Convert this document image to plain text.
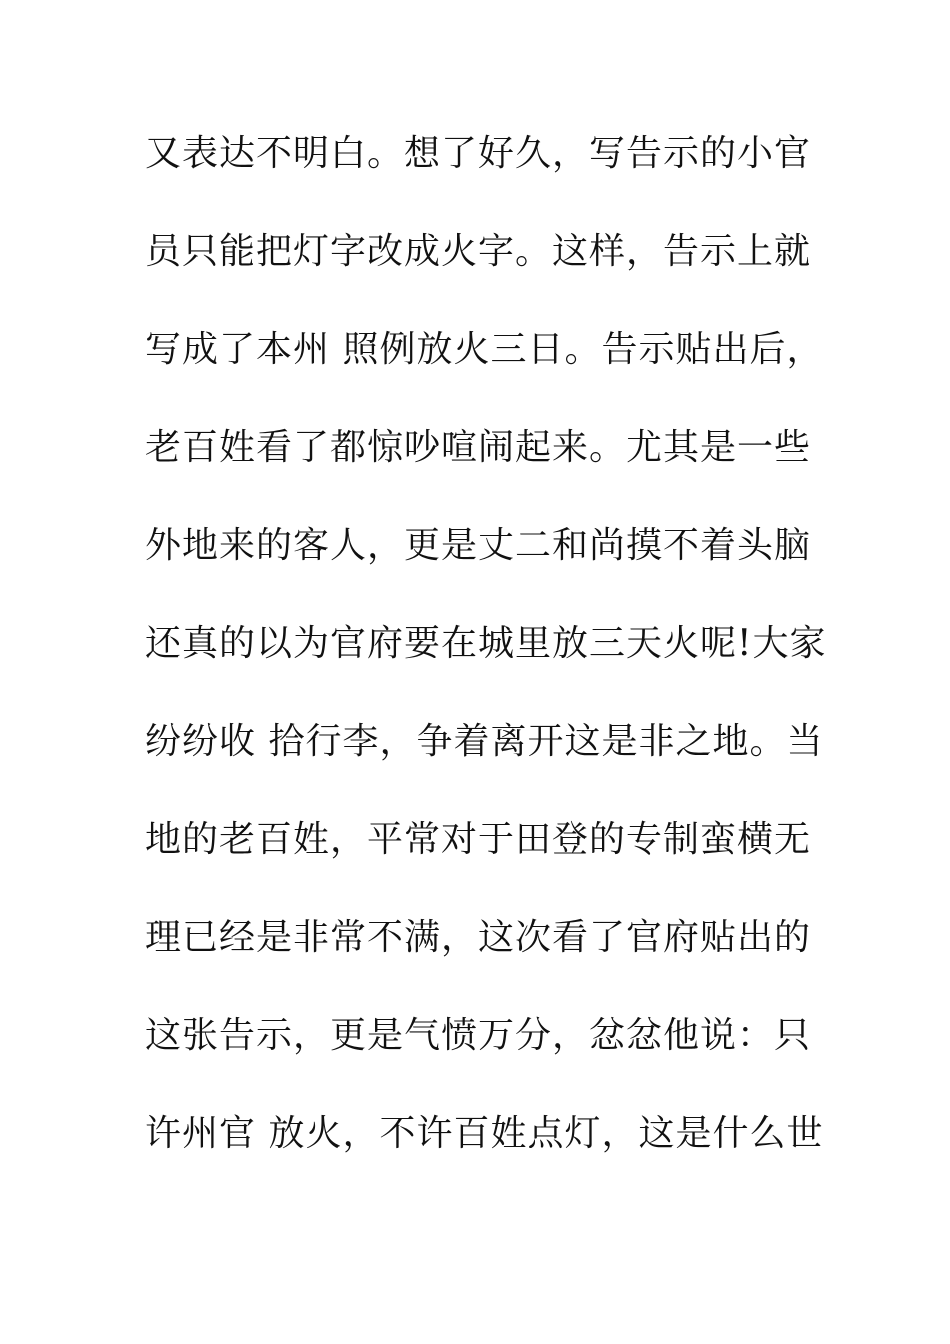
又表达不明白。想了好久，写告示的小官
员只能把灯字改成火字。这样，告示上就
写成了本州 照例放火三日。告示贴出后，
老百姓看了都惊吵喧闹起来。尤其是一些
外地来的客人，更是丈二和尚摸不着头脑
还真的以为官府要在城里放三天火呢!大家
纷纷收 拾行李，争着离开这是非之地。当
地的老百姓，平常对于田登的专制蛮横无
理已经是非常不满，这次看了官府贴出的
这张告示，更是气愤万分，忿忿他说：只
许州官 放火，不许百姓点灯，这是什么世
